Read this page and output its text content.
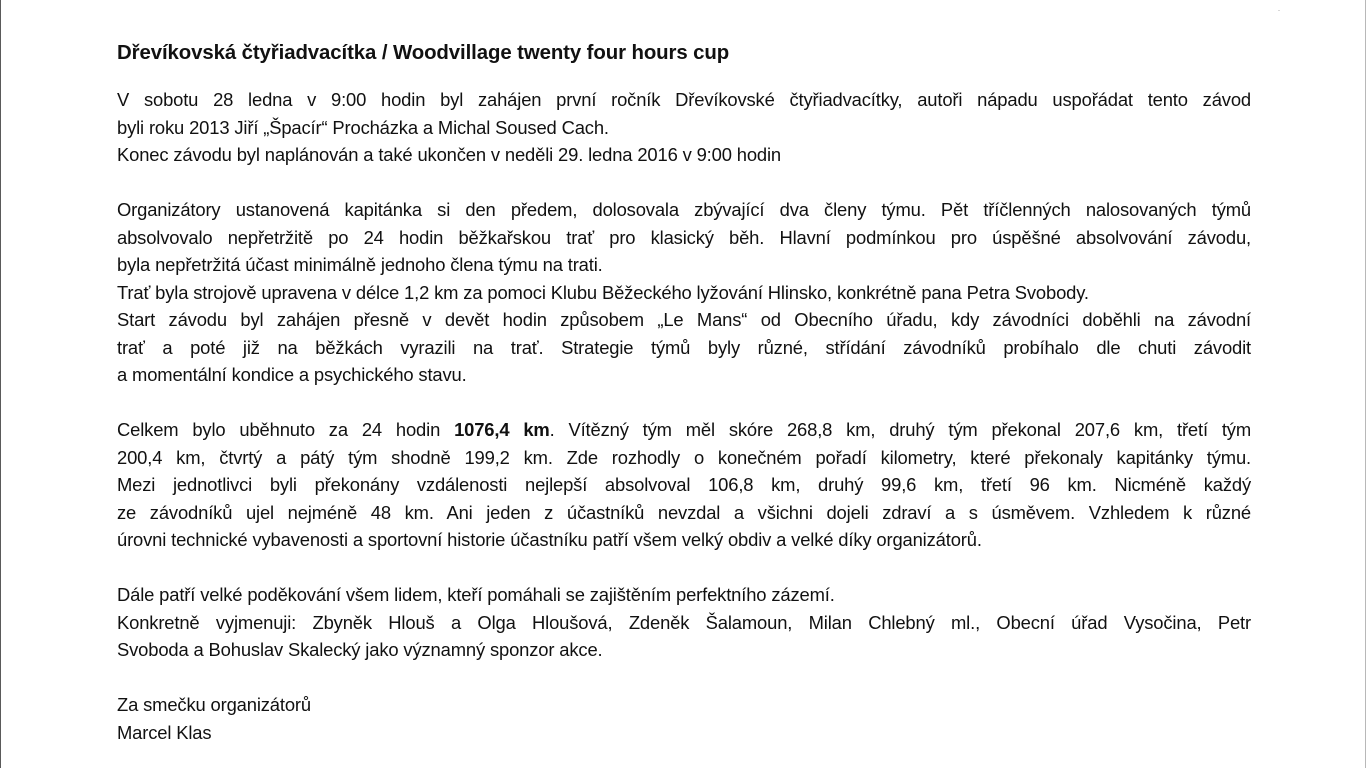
Dřevíkovská čtyřiadvacítka / Woodvillage twenty four hours cup
V sobotu 28 ledna v 9:00 hodin byl zahájen první ročník Dřevíkovské čtyřiadvacítky, autoři nápadu uspořádat tento závod
byli roku 2013 Jiří „Špacír“ Procházka a Michal Soused Cach.
Konec závodu byl naplánován a také ukončen v neděli 29. ledna 2016 v 9:00 hodin
Organizátory ustanovená kapitánka si den předem, dolosovala zbývající dva členy týmu. Pět tříčlenných nalosovaných týmů
absolvovalo nepřetržitě po 24 hodin běžkařskou trať pro klasický běh. Hlavní podmínkou pro úspěšné absolvování závodu,
byla nepřetržitá účast minimálně jednoho člena týmu na trati.
Trať byla strojově upravena v délce 1,2 km za pomoci Klubu Běžeckého lyžování Hlinsko, konkrétně pana Petra Svobody.
Start závodu byl zahájen přesně v devět hodin způsobem „Le Mans“ od Obecního úřadu, kdy závodníci doběhli na závodní
trať a poté již na běžkách vyrazili na trať. Strategie týmů byly různé, střídání závodníků probíhalo dle chuti závodit
a momentální kondice a psychického stavu.
Celkem bylo uběhnuto za 24 hodin 1076,4 km. Vítězný tým měl skóre 268,8 km, druhý tým překonal 207,6 km, třetí tým
200,4 km, čtvrtý a pátý tým shodně 199,2 km. Zde rozhodly o konečném pořadí kilometry, které překonaly kapitánky týmu.
Mezi jednotlivci byli překonány vzdálenosti nejlepší absolvoval 106,8 km, druhý 99,6 km, třetí 96 km. Nicméně každý
ze závodníků ujel nejméně 48 km. Ani jeden z účastníků nevzdal a všichni dojeli zdraví a s úsměvem. Vzhledem k různé
úrovni technické vybavenosti a sportovní historie účastníku patří všem velký obdiv a velké díky organizátorů.
Dále patří velké poděkování všem lidem, kteří pomáhali se zajištěním perfektního zázemí.
Konkretně vyjmenuji: Zbyněk Hlouš a Olga Hloušová, Zdeněk Šalamoun, Milan Chlebný ml., Obecní úřad Vysočina, Petr
Svoboda a Bohuslav Skalecký jako významný sponzor akce.
Za smečku organizátorů
Marcel Klas
